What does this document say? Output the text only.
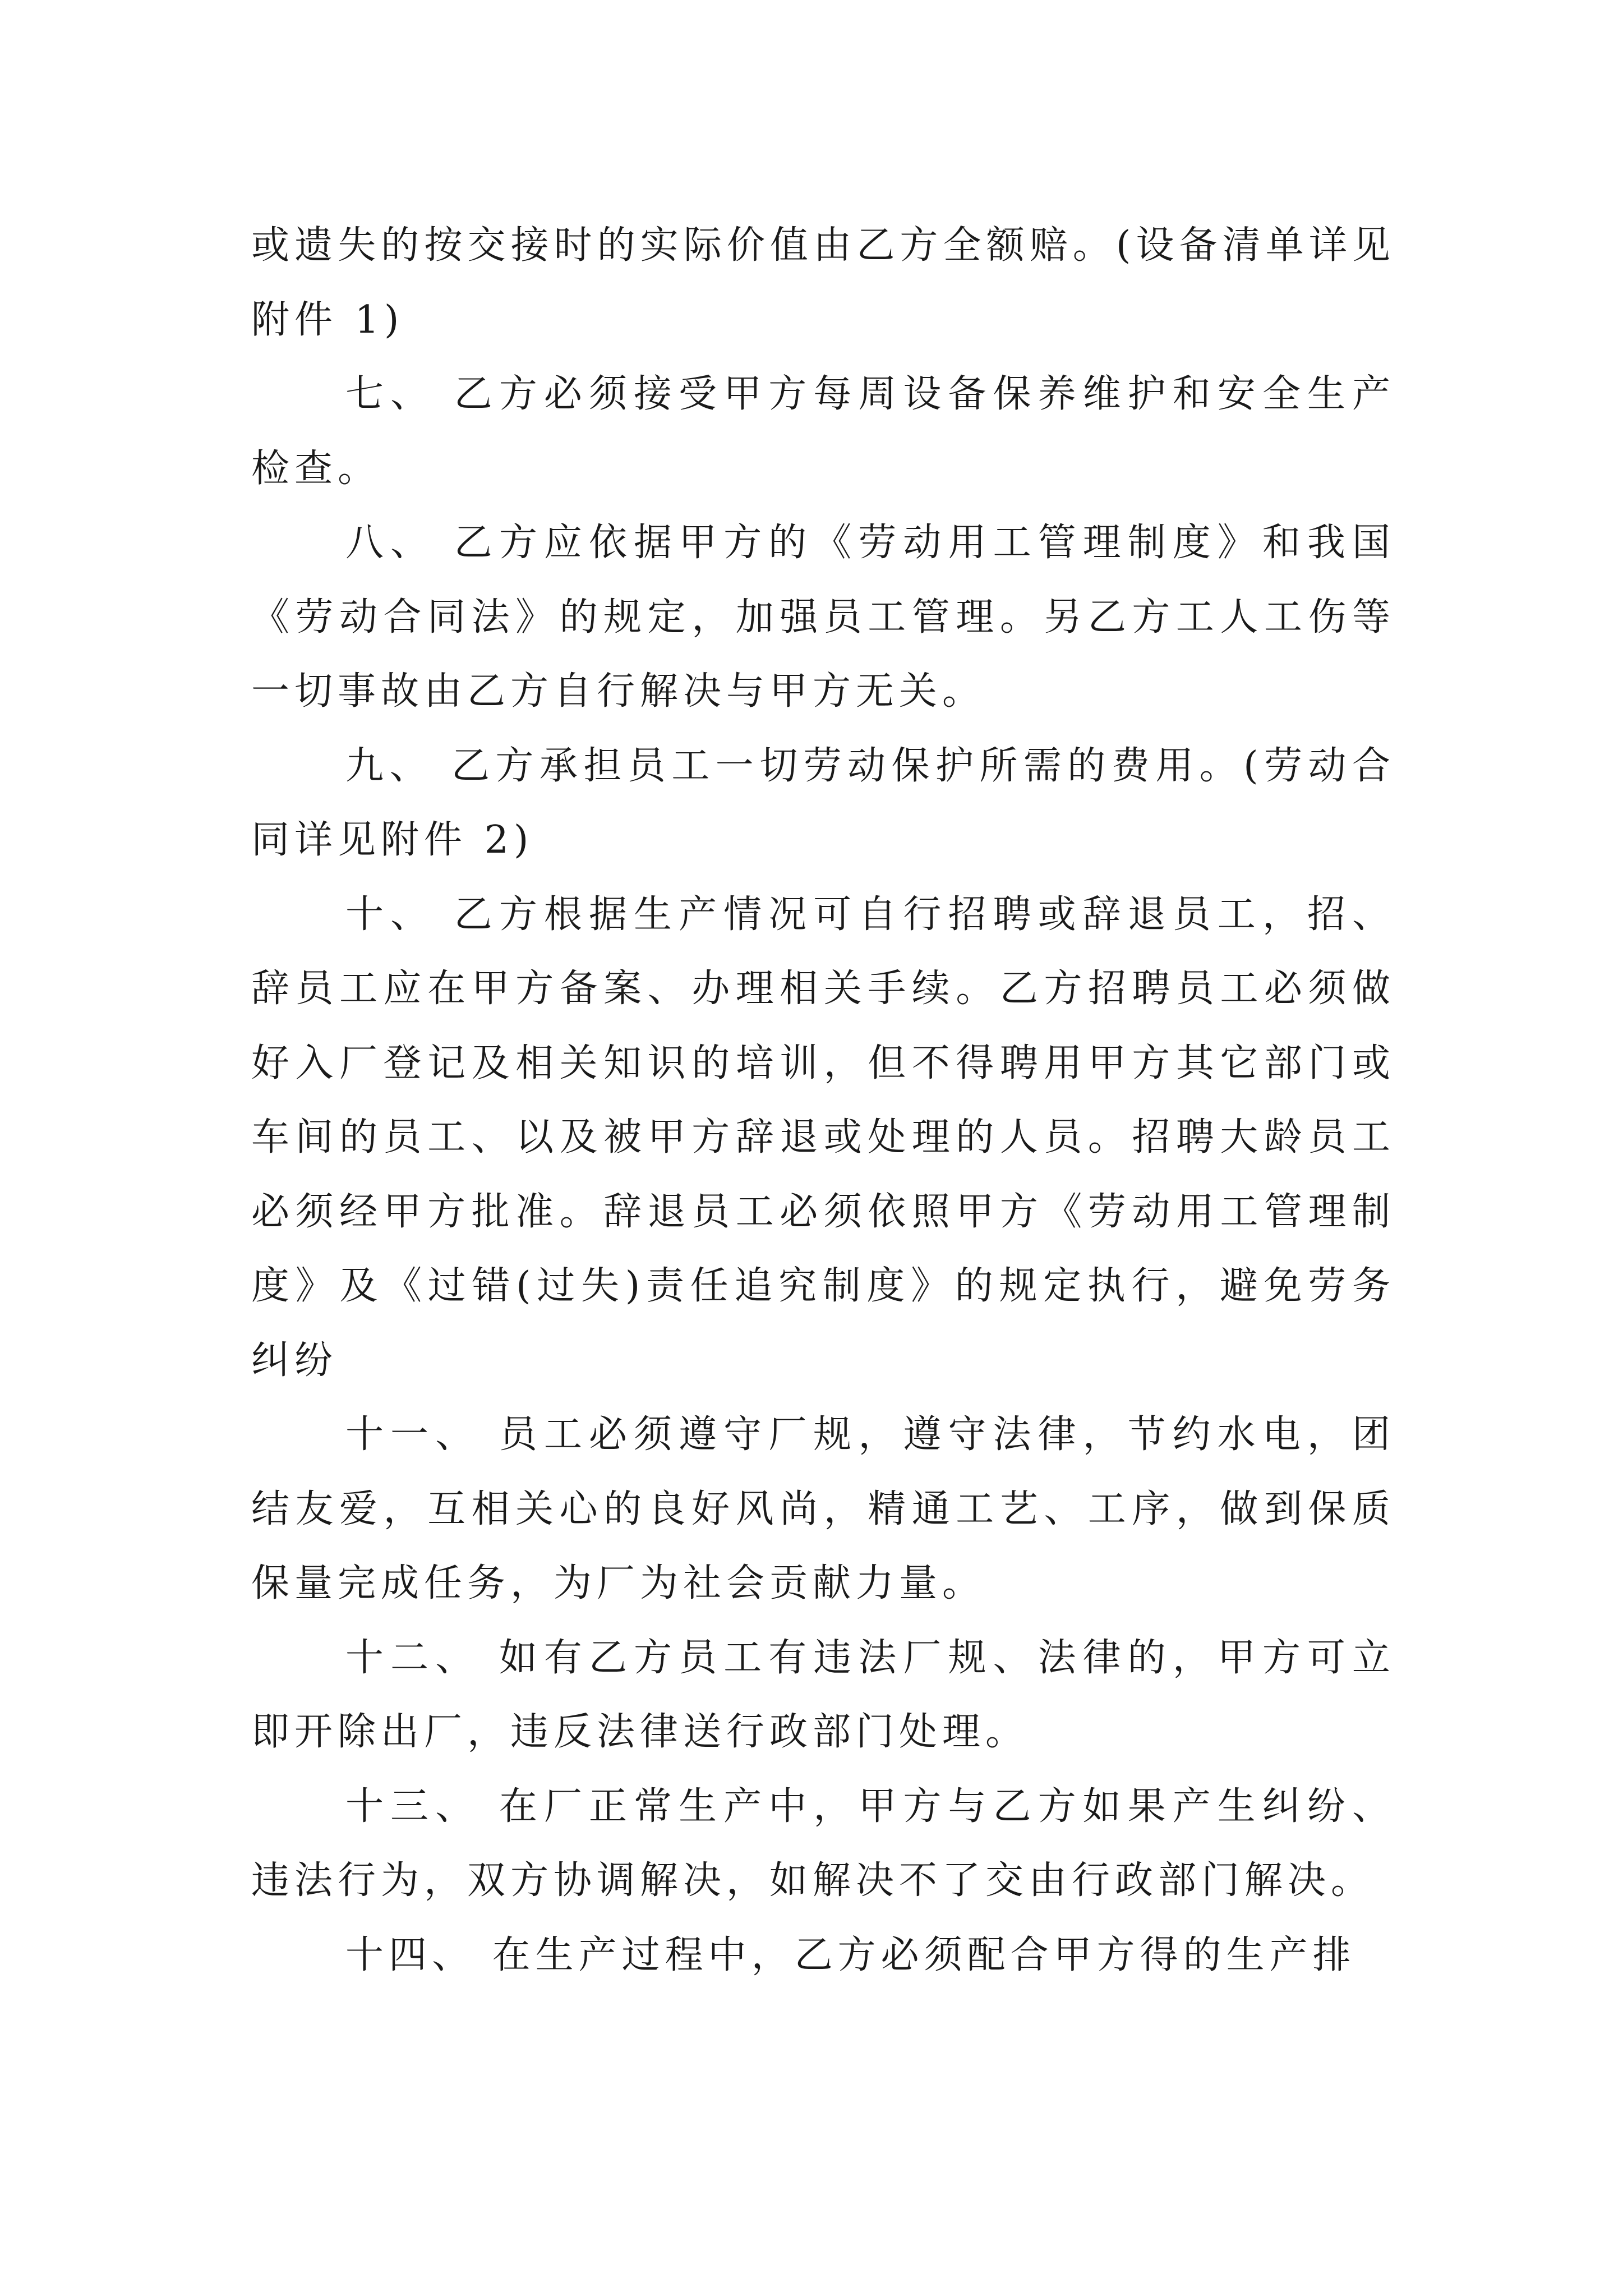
或遗失的按交接时的实际价值由乙方全额赔。(设备清单详见附件 1)

七、 乙方必须接受甲方每周设备保养维护和安全生产检查。

八、 乙方应依据甲方的《劳动用工管理制度》和我国《劳动合同法》的规定，加强员工管理。另乙方工人工伤等一切事故由乙方自行解决与甲方无关。

九、 乙方承担员工一切劳动保护所需的费用。(劳动合同详见附件 2)

十、 乙方根据生产情况可自行招聘或辞退员工，招、辞员工应在甲方备案、办理相关手续。乙方招聘员工必须做好入厂登记及相关知识的培训，但不得聘用甲方其它部门或车间的员工、以及被甲方辞退或处理的人员。招聘大龄员工必须经甲方批准。辞退员工必须依照甲方《劳动用工管理制度》及《过错(过失)责任追究制度》的规定执行，避免劳务纠纷

十一、 员工必须遵守厂规，遵守法律，节约水电，团结友爱，互相关心的良好风尚，精通工艺、工序，做到保质保量完成任务，为厂为社会贡献力量。

十二、 如有乙方员工有违法厂规、法律的，甲方可立即开除出厂，违反法律送行政部门处理。

十三、 在厂正常生产中，甲方与乙方如果产生纠纷、违法行为，双方协调解决，如解决不了交由行政部门解决。

十四、 在生产过程中，乙方必须配合甲方得的生产排
